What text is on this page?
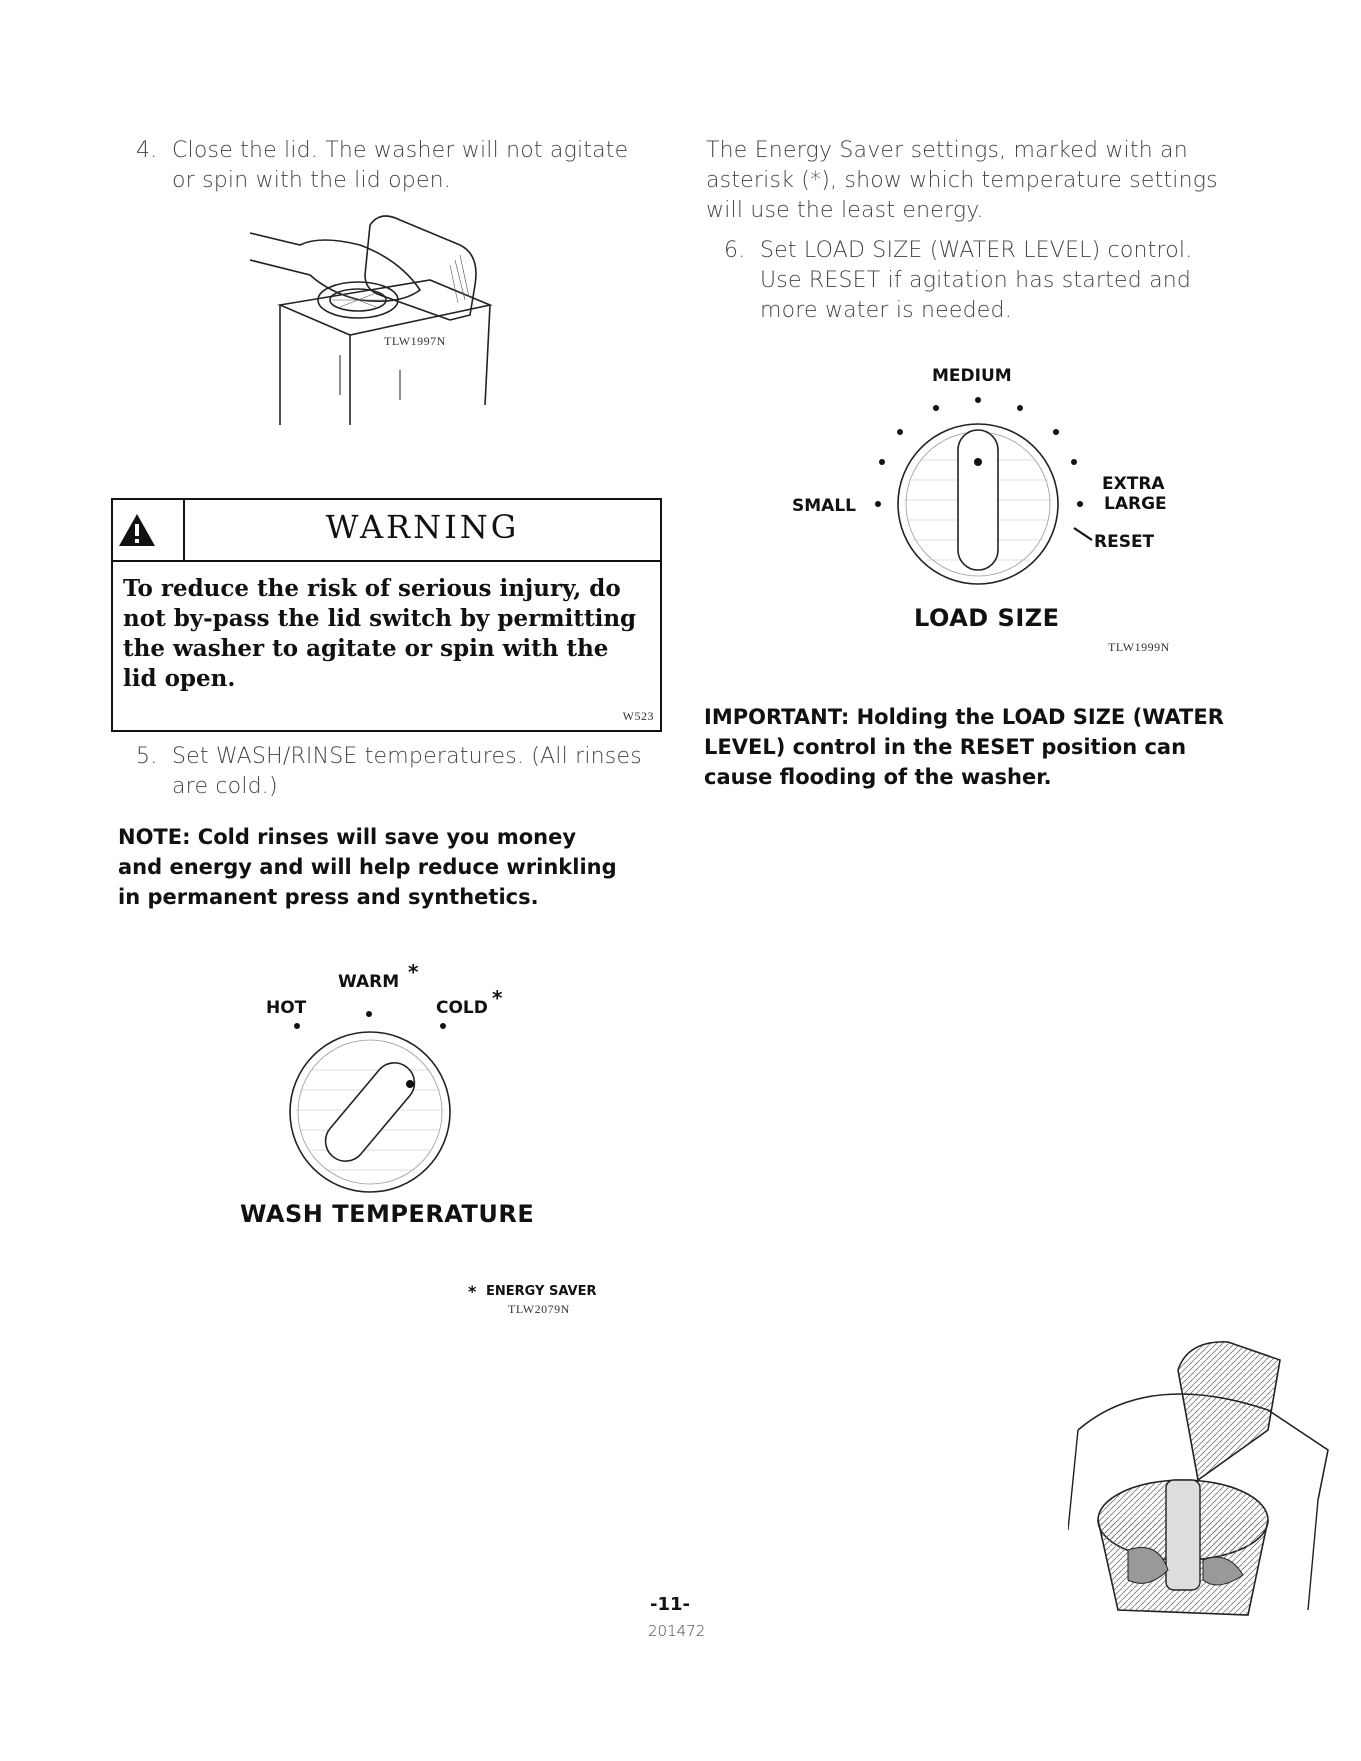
4. Close the lid. The washer will not agitate or spin with the lid open.
TLW1997N
WARNING
To reduce the risk of serious injury, do not by-pass the lid switch by permitting the washer to agitate or spin with the lid open.
W523
5. Set WASH/RINSE temperatures. (All rinses are cold.)
NOTE: Cold rinses will save you money and energy and will help reduce wrinkling in permanent press and synthetics.
WARM *
HOT	COLD *
WASH TEMPERATURE
* ENERGY SAVER
TLW2079N
The Energy Saver settings, marked with an asterisk (*), show which temperature settings will use the least energy.
6. Set LOAD SIZE (WATER LEVEL) control. Use RESET if agitation has started and more water is needed.
MEDIUM
SMALL
EXTRA
LARGE
RESET
LOAD SIZE
TLW1999N
IMPORTANT: Holding the LOAD SIZE (WATER LEVEL) control in the RESET position can cause flooding of the washer.
-11-
201472
